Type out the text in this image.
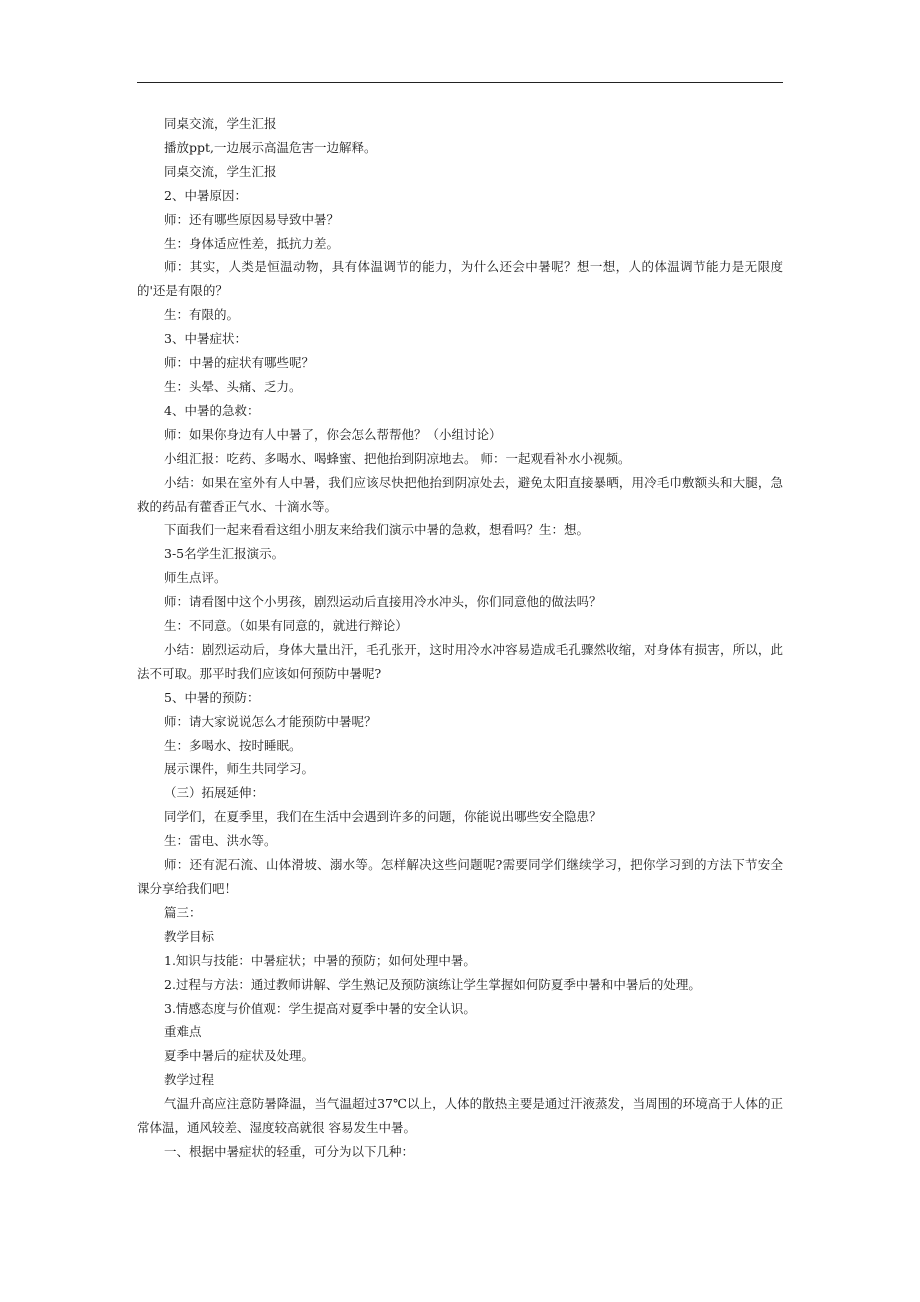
同桌交流，学生汇报

播放ppt,一边展示高温危害一边解释。

同桌交流，学生汇报

2、中暑原因：

师：还有哪些原因易导致中暑？

生：身体适应性差，抵抗力差。

师：其实，人类是恒温动物，具有体温调节的能力，为什么还会中暑呢？想一想，人的体温调节能力是无限度的'还是有限的？

生：有限的。

3、中暑症状：

师：中暑的症状有哪些呢？

生：头晕、头痛、乏力。

4、中暑的急救：

师：如果你身边有人中暑了，你会怎么帮帮他？（小组讨论）

小组汇报：吃药、多喝水、喝蜂蜜、把他抬到阴凉地去。 师：一起观看补水小视频。

小结：如果在室外有人中暑，我们应该尽快把他抬到阴凉处去，避免太阳直接暴晒，用冷毛巾敷额头和大腿，急救的药品有藿香正气水、十滴水等。

下面我们一起来看看这组小朋友来给我们演示中暑的急救，想看吗？生：想。

3-5名学生汇报演示。

师生点评。

师：请看图中这个小男孩，剧烈运动后直接用冷水冲头，你们同意他的做法吗？

生：不同意。（如果有同意的，就进行辩论）

小结：剧烈运动后，身体大量出汗，毛孔张开，这时用冷水冲容易造成毛孔骤然收缩，对身体有损害，所以，此法不可取。那平时我们应该如何预防中暑呢?

5、中暑的预防：

师：请大家说说怎么才能预防中暑呢？

生：多喝水、按时睡眠。

展示课件，师生共同学习。

（三）拓展延伸：

同学们，在夏季里，我们在生活中会遇到许多的问题，你能说出哪些安全隐患？

生：雷电、洪水等。

师：还有泥石流、山体滑坡、溺水等。怎样解决这些问题呢?需要同学们继续学习，把你学习到的方法下节安全课分享给我们吧！

篇三：

教学目标

1.知识与技能：中暑症状；中暑的预防；如何处理中暑。

2.过程与方法：通过教师讲解、学生熟记及预防演练让学生掌握如何防夏季中暑和中暑后的处理。

3.情感态度与价值观：学生提高对夏季中暑的安全认识。

重难点

夏季中暑后的症状及处理。

教学过程

气温升高应注意防暑降温，当气温超过37℃以上，人体的散热主要是通过汗液蒸发，当周围的环境高于人体的正常体温，通风较差、湿度较高就很 容易发生中暑。

一、根据中暑症状的轻重，可分为以下几种：
